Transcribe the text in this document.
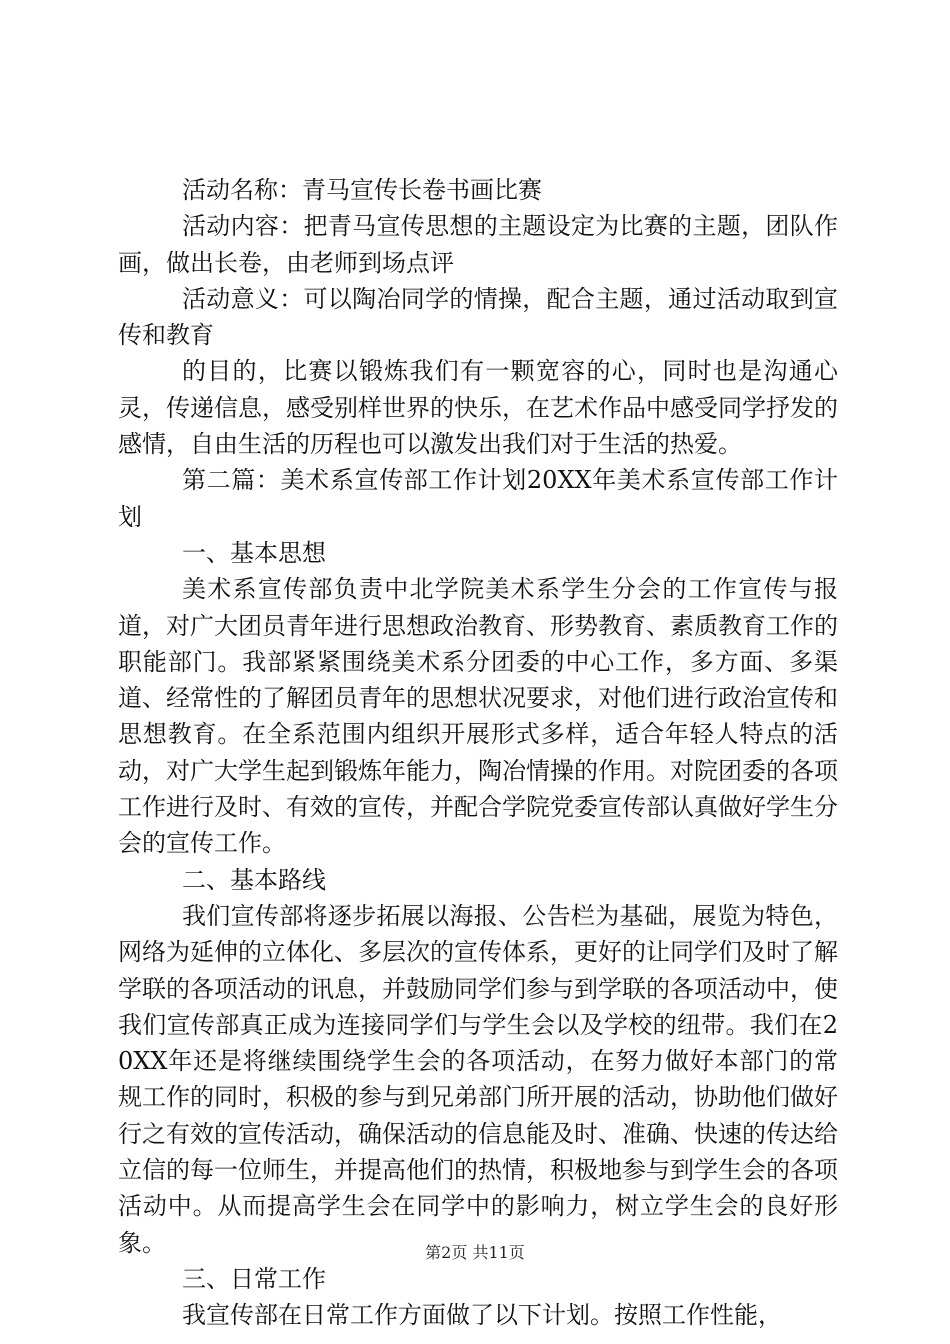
活动名称：青马宣传长卷书画比赛

活动内容：把青马宣传思想的主题设定为比赛的主题，团队作画，做出长卷，由老师到场点评

活动意义：可以陶冶同学的情操，配合主题，通过活动取到宣传和教育

的目的，比赛以锻炼我们有一颗宽容的心，同时也是沟通心灵，传递信息，感受别样世界的快乐，在艺术作品中感受同学抒发的感情，自由生活的历程也可以激发出我们对于生活的热爱。

第二篇：美术系宣传部工作计划20XX年美术系宣传部工作计划

一、基本思想

美术系宣传部负责中北学院美术系学生分会的工作宣传与报道，对广大团员青年进行思想政治教育、形势教育、素质教育工作的职能部门。我部紧紧围绕美术系分团委的中心工作，多方面、多渠道、经常性的了解团员青年的思想状况要求，对他们进行政治宣传和思想教育。在全系范围内组织开展形式多样，适合年轻人特点的活动，对广大学生起到锻炼年能力，陶冶情操的作用。对院团委的各项工作进行及时、有效的宣传，并配合学院党委宣传部认真做好学生分会的宣传工作。

二、基本路线

我们宣传部将逐步拓展以海报、公告栏为基础，展览为特色，网络为延伸的立体化、多层次的宣传体系，更好的让同学们及时了解学联的各项活动的讯息，并鼓励同学们参与到学联的各项活动中，使我们宣传部真正成为连接同学们与学生会以及学校的纽带。我们在20XX年还是将继续围绕学生会的各项活动，在努力做好本部门的常规工作的同时，积极的参与到兄弟部门所开展的活动，协助他们做好行之有效的宣传活动，确保活动的信息能及时、准确、快速的传达给立信的每一位师生，并提高他们的热情，积极地参与到学生会的各项活动中。从而提高学生会在同学中的影响力，树立学生会的良好形象。

三、日常工作

我宣传部在日常工作方面做了以下计划。按照工作性能，

第2页 共11页
